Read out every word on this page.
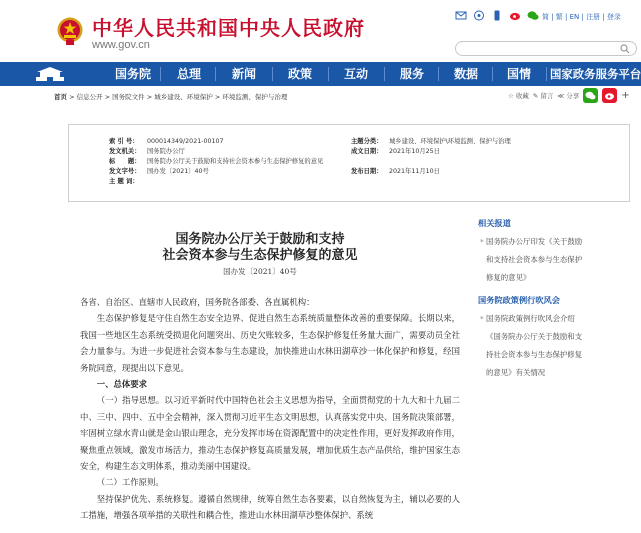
中华人民共和国中央人民政府
www.gov.cn
简 | 繁 | EN | 注册 | 登录
国务院	总理	新闻	政策	互动	服务	数据	国情	国家政务服务平台
首页 > 信息公开 > 国务院文件 > 城乡建设、环境保护 > 环境监测、保护与治理	☆ 收藏 ✎ 留言 ≪ 分享	+
索 引 号： 000014349/2021-00107
发文机关： 国务院办公厅
标　　题： 国务院办公厅关于鼓励和支持社会资本参与生态保护修复的意见
发文字号： 国办发〔2021〕40号
主 题 词：
主题分类： 城乡建设、环境保护\环境监测、保护与治理
成文日期： 2021年10月25日
发布日期： 2021年11月10日
国务院办公厅关于鼓励和支持
社会资本参与生态保护修复的意见
国办发〔2021〕40号

各省、自治区、直辖市人民政府，国务院各部委、各直属机构：

生态保护修复是守住自然生态安全边界、促进自然生态系统质量整体改善的重要保障。长期以来，我国一些地区生态系统受损退化问题突出、历史欠账较多，生态保护修复任务量大面广，需要动员全社会力量参与。为进一步促进社会资本参与生态建设，加快推进山水林田湖草沙一体化保护和修复，经国务院同意，现提出以下意见。

一、总体要求

（一）指导思想。以习近平新时代中国特色社会主义思想为指导，全面贯彻党的十九大和十九届二中、三中、四中、五中全会精神，深入贯彻习近平生态文明思想，认真落实党中央、国务院决策部署，牢固树立绿水青山就是金山银山理念，充分发挥市场在资源配置中的决定性作用，更好发挥政府作用，聚焦重点领域，激发市场活力，推动生态保护修复高质量发展，增加优质生态产品供给，维护国家生态安全，构建生态文明体系，推动美丽中国建设。

（二）工作原则。

坚持保护优先、系统修复。遵循自然规律，统筹自然生态各要素，以自然恢复为主，辅以必要的人工措施，增强各项举措的关联性和耦合性，推进山水林田湖草沙整体保护、系统

相关报道
* 国务院办公厅印发《关于鼓励
和支持社会资本参与生态保护
修复的意见》
国务院政策例行吹风会
* 国务院政策例行吹风会介绍
《国务院办公厅关于鼓励和支
持社会资本参与生态保护修复
的意见》有关情况
